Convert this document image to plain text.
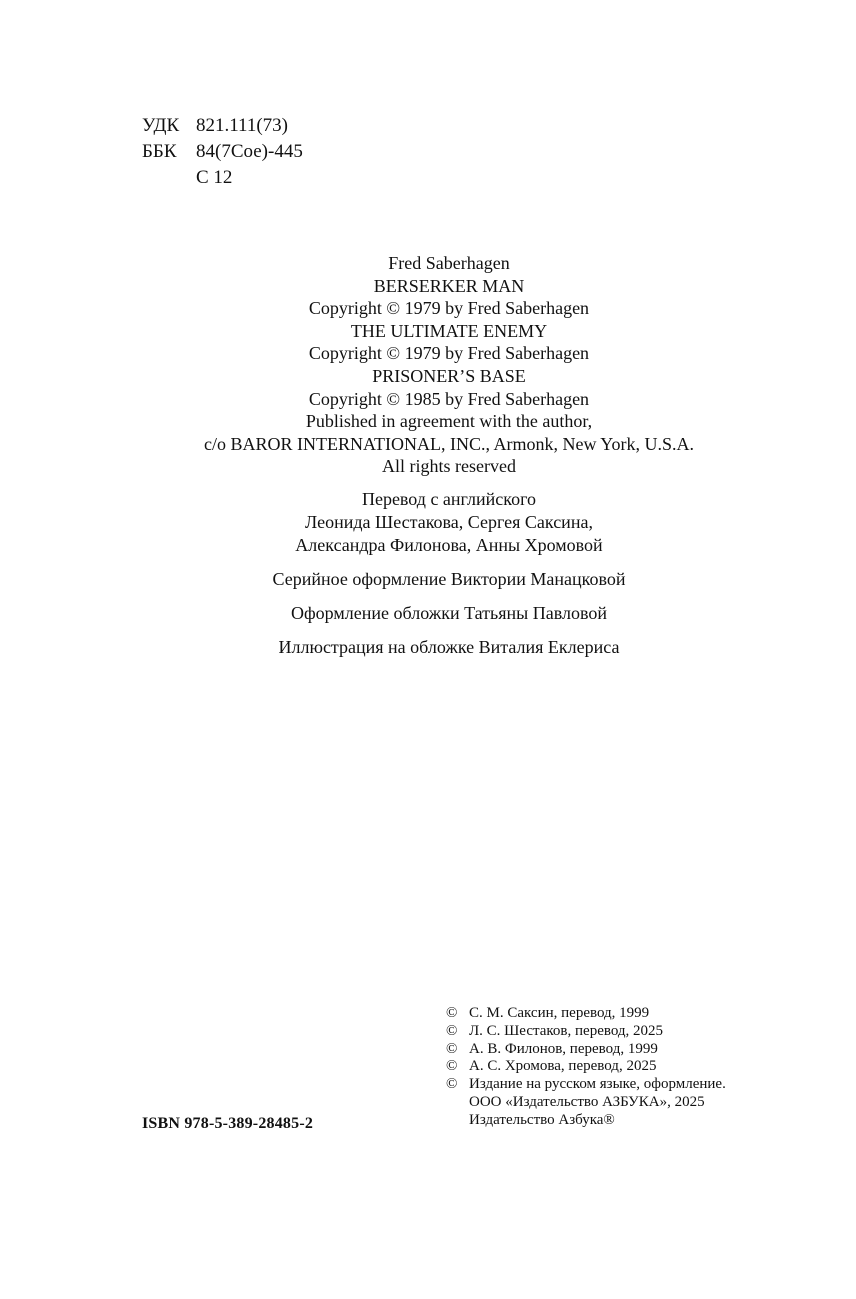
УДК 821.111(73)
ББК	84(7Сое)-445
С 12
Fred Saberhagen
BERSERKER MAN
Copyright © 1979 by Fred Saberhagen
THE ULTIMATE ENEMY
Copyright © 1979 by Fred Saberhagen
PRISONER’S BASE
Copyright © 1985 by Fred Saberhagen
Published in agreement with the author,
c/o BAROR INTERNATIONAL, INC., Armonk, New York, U.S.A.
All rights reserved
Перевод с английского
Леонида Шестакова, Сергея Саксина,
Александра Филонова, Анны Хромовой
Серийное оформление Виктории Манацковой
Оформление обложки Татьяны Павловой
Иллюстрация на обложке Виталия Еклериса
© С. М. Саксин, перевод, 1999
© Л. С. Шестаков, перевод, 2025
© А. В. Филонов, перевод, 1999
© А. С. Хромова, перевод, 2025
© Издание на русском языке, оформление.
ООО «Издательство АЗБУКА», 2025
Издательство Азбука®
ISBN 978-5-389-28485-2
